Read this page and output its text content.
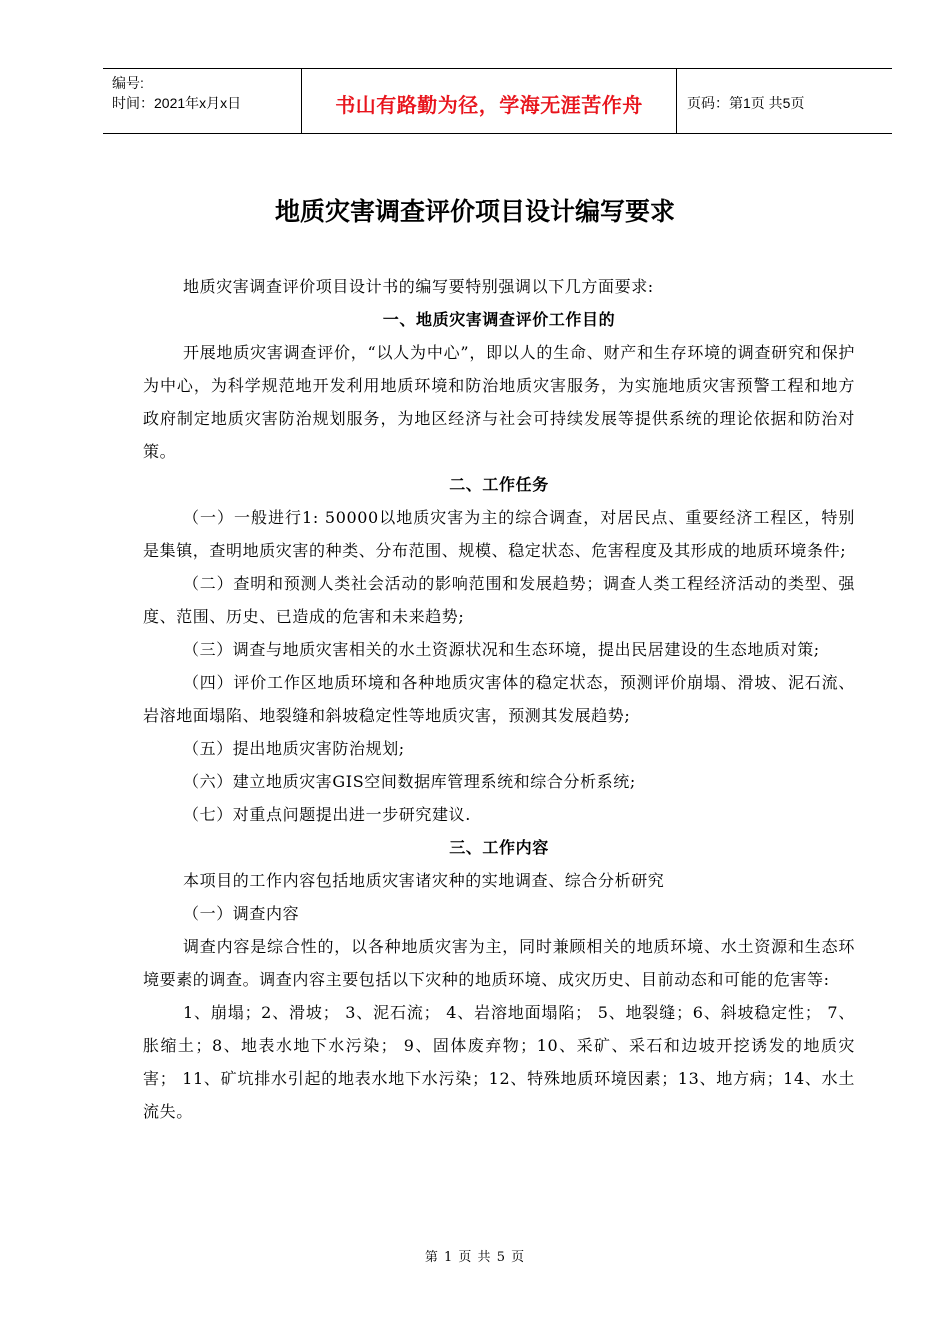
编号:
时间：2021年x月x日	书山有路勤为径，学海无涯苦作舟	页码：第1页 共5页
地质灾害调查评价项目设计编写要求

地质灾害调查评价项目设计书的编写要特别强调以下几方面要求:

一、地质灾害调查评价工作目的

开展地质灾害调查评价，“以人为中心”，即以人的生命、财产和生存环境的调查研究和保护为中心，为科学规范地开发利用地质环境和防治地质灾害服务，为实施地质灾害预警工程和地方政府制定地质灾害防治规划服务，为地区经济与社会可持续发展等提供系统的理论依据和防治对策。

二、工作任务

（一）一般进行1: 50000以地质灾害为主的综合调查，对居民点、重要经济工程区，特别是集镇，查明地质灾害的种类、分布范围、规模、稳定状态、危害程度及其形成的地质环境条件;

（二）查明和预测人类社会活动的影响范围和发展趋势；调查人类工程经济活动的类型、强度、范围、历史、已造成的危害和未来趋势;

（三）调查与地质灾害相关的水土资源状况和生态环境，提出民居建设的生态地质对策;

（四）评价工作区地质环境和各种地质灾害体的稳定状态，预测评价崩塌、滑坡、泥石流、岩溶地面塌陷、地裂缝和斜坡稳定性等地质灾害，预测其发展趋势;

（五）提出地质灾害防治规划;

（六）建立地质灾害GIS空间数据库管理系统和综合分析系统;

（七）对重点问题提出进一步研究建议.

三、工作内容

本项目的工作内容包括地质灾害诸灾种的实地调查、综合分析研究

（一）调查内容

调查内容是综合性的，以各种地质灾害为主，同时兼顾相关的地质环境、水土资源和生态环境要素的调查。调查内容主要包括以下灾种的地质环境、成灾历史、目前动态和可能的危害等:

1、崩塌；2、滑坡； 3、泥石流； 4、岩溶地面塌陷； 5、地裂缝；6、斜坡稳定性； 7、胀缩土；8、地表水地下水污染； 9、固体废弃物；10、采矿、采石和边坡开挖诱发的地质灾害； 11、矿坑排水引起的地表水地下水污染；12、特殊地质环境因素；13、地方病；14、水土流失。

第 1 页 共 5 页
